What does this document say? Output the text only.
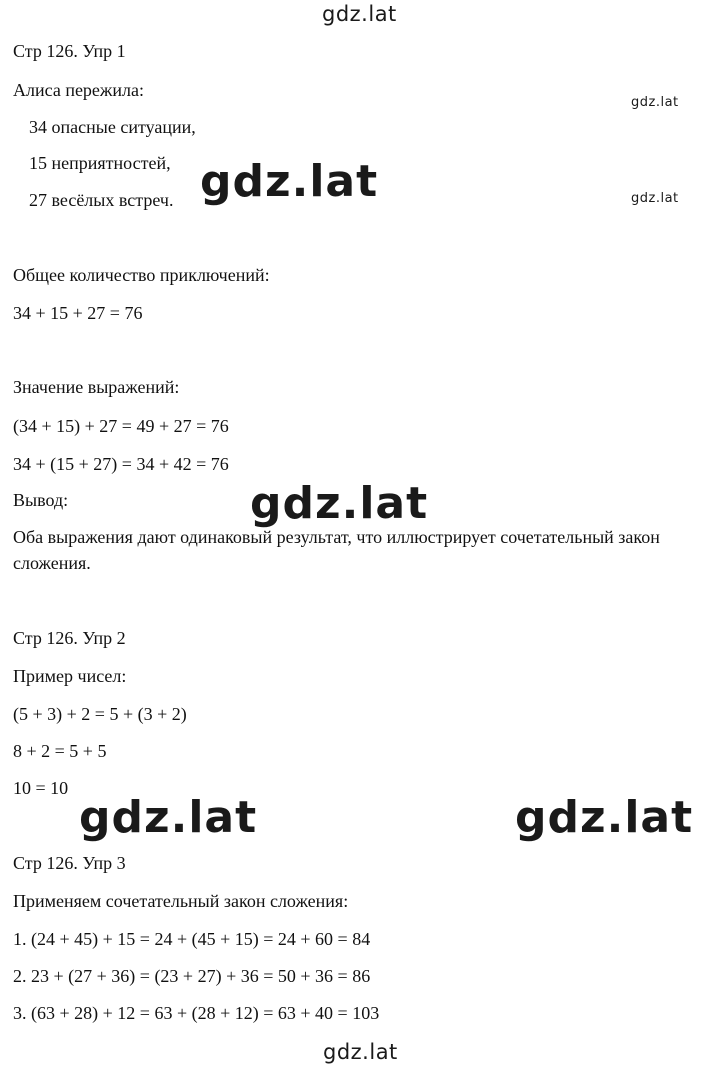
gdz.lat
gdz.lat
gdz.lat
gdz.lat
gdz.lat
gdz.lat	gdz.lat
gdz.lat
Стр 126. Упр 1
Алиса пережила:
34 опасные ситуации,
15 неприятностей,
27 весёлых встреч.
Общее количество приключений:
34 + 15 + 27 = 76
Значение выражений:
(34 + 15) + 27 = 49 + 27 = 76
34 + (15 + 27) = 34 + 42 = 76
Вывод:
Оба выражения дают одинаковый результат, что иллюстрирует сочетательный закон сложения.
Стр 126. Упр 2
Пример чисел:
(5 + 3) + 2 = 5 + (3 + 2)
8 + 2 = 5 + 5
10 = 10
Стр 126. Упр 3
Применяем сочетательный закон сложения:
1. (24 + 45) + 15 = 24 + (45 + 15) = 24 + 60 = 84
2. 23 + (27 + 36) = (23 + 27) + 36 = 50 + 36 = 86
3. (63 + 28) + 12 = 63 + (28 + 12) = 63 + 40 = 103
